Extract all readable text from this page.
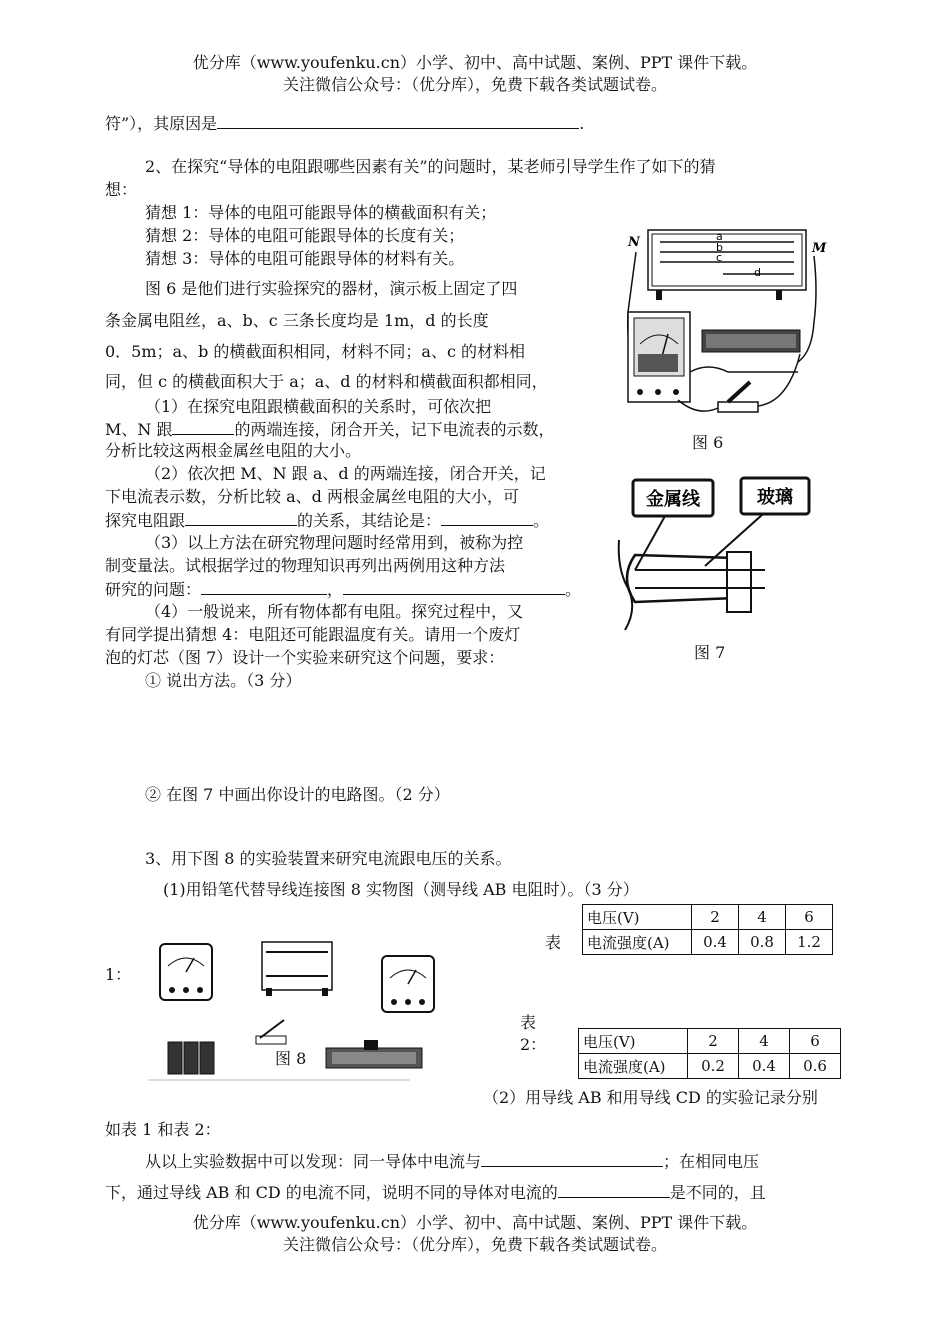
优分库（www.youfenku.cn）小学、初中、高中试题、案例、PPT 课件下载。
关注微信公众号：（优分库），免费下载各类试题试卷。
符”），其原因是	.
2、在探究“导体的电阻跟哪些因素有关”的问题时，某老师引导学生作了如下的猜
想：
猜想 1：导体的电阻可能跟导体的横截面积有关；
猜想 2：导体的电阻可能跟导体的长度有关；
猜想 3：导体的电阻可能跟导体的材料有关。
图 6 是他们进行实验探究的器材，演示板上固定了四
条金属电阻丝，a、b、c 三条长度均是 1m，d 的长度
0．5m；a、b 的横截面积相同，材料不同；a、c 的材料相
同，但 c 的横截面积大于 a；a、d 的材料和横截面积都相同，
（1）在探究电阻跟横截面积的关系时，可依次把
M、N 跟	的两端连接，闭合开关，记下电流表的示数，
分析比较这两根金属丝电阻的大小。
（2）依次把 M、N 跟 a、d 的两端连接，闭合开关，记
下电流表示数，分析比较 a、d 两根金属丝电阻的大小，可
探究电阻跟	的关系，其结论是：	。
（3）以上方法在研究物理问题时经常用到，被称为控
制变量法。试根据学过的物理知识再列出两例用这种方法
研究的问题：	，	。
（4）一般说来，所有物体都有电阻。探究过程中，又
有同学提出猜想 4：电阻还可能跟温度有关。请用一个废灯
泡的灯芯（图 7）设计一个实验来研究这个问题，要求：
① 说出方法。（3 分）
② 在图 7 中画出你设计的电路图。（2 分）
a
b
c
d
N	M
图 6
金属线	玻璃
图 7
3、用下图 8 的实验装置来研究电流跟电压的关系。
(1)用铅笔代替导线连接图 8 实物图（测导线 AB 电阻时）。（3 分）
表
1：
电压(V)	2	4	6
电流强度(A)	0.4	0.8	1.2
图 8
表
2： 电压(V)	2	4	6
电流强度(A)	0.2	0.4	0.6
（2）用导线 AB 和用导线 CD 的实验记录分别
如表 1 和表 2：
从以上实验数据中可以发现：同一导体中电流与	；在相同电压
下，通过导线 AB 和 CD 的电流不同，说明不同的导体对电流的	是不同的，且
优分库（www.youfenku.cn）小学、初中、高中试题、案例、PPT 课件下载。
关注微信公众号：（优分库），免费下载各类试题试卷。
